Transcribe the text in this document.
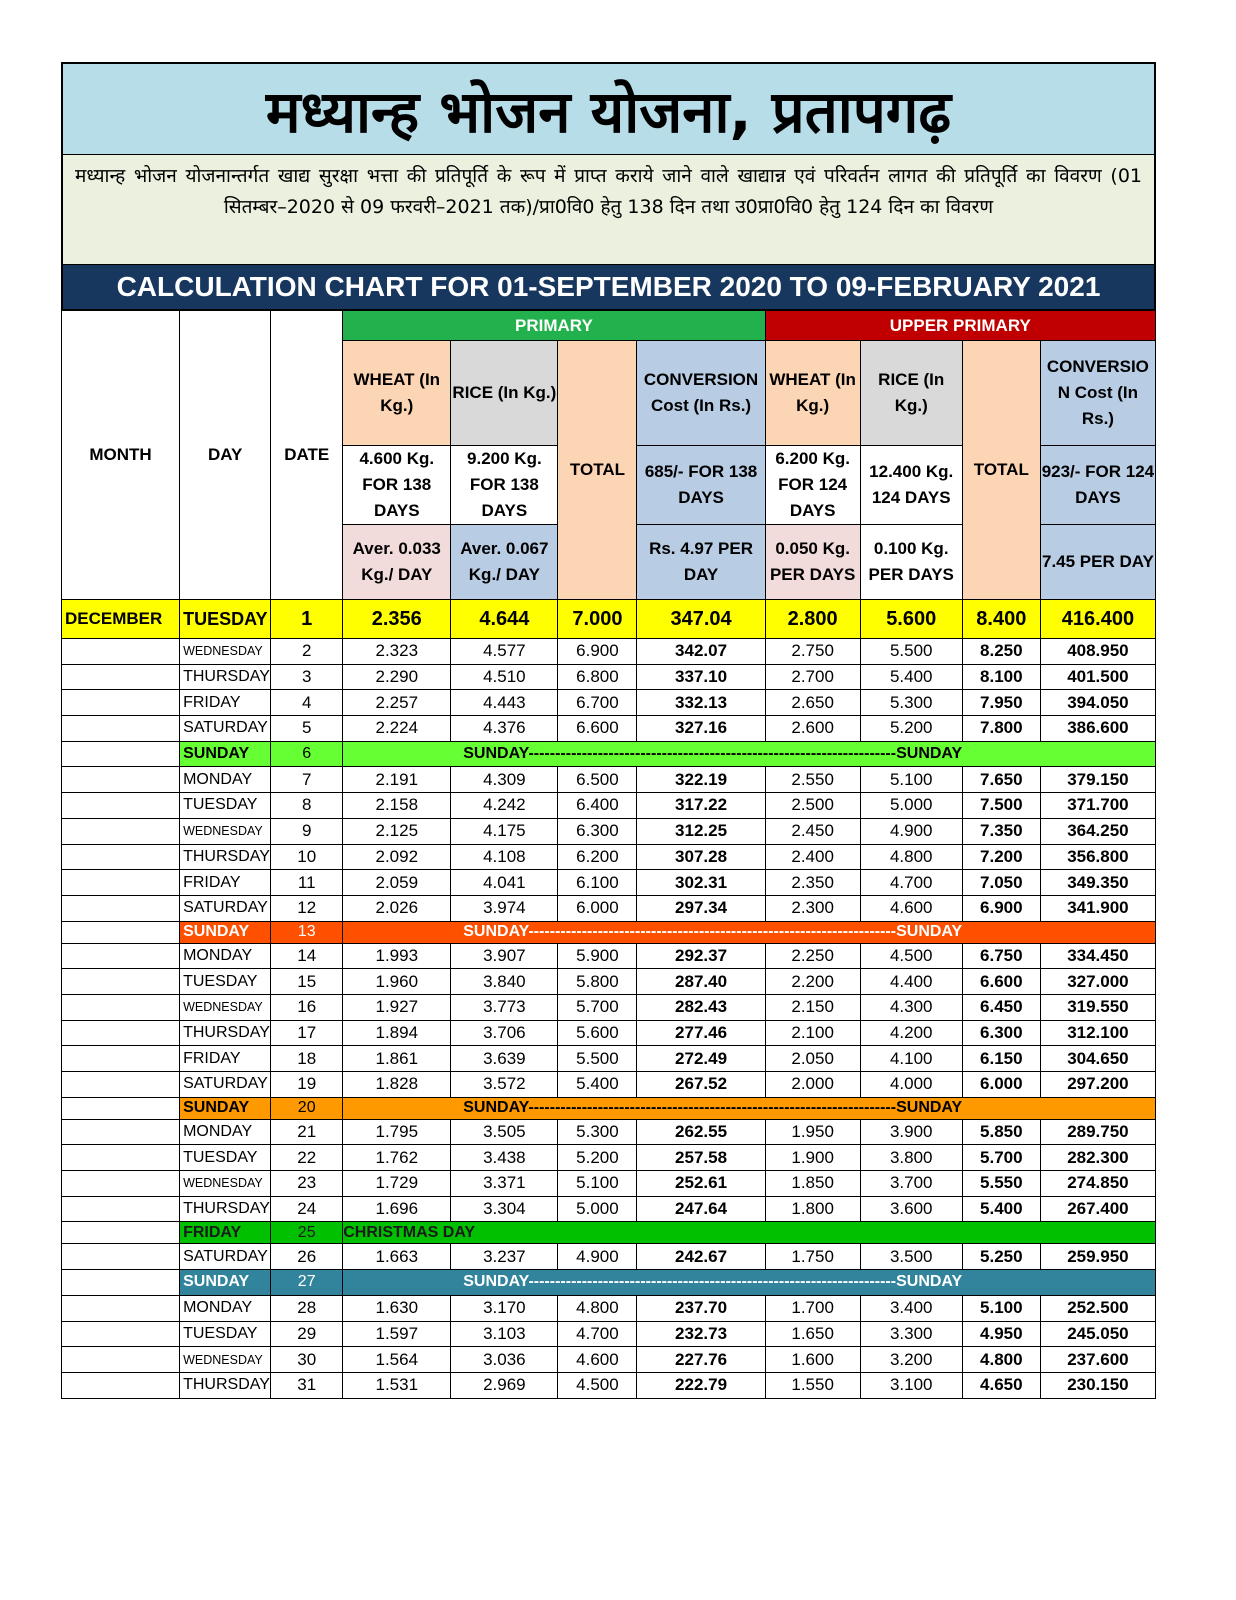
मध्यान्ह भोजन योजना, प्रतापगढ़
मध्यान्ह भोजन योजनान्तर्गत खाद्य सुरक्षा भत्ता की प्रतिपूर्ति के रूप में प्राप्त कराये जाने वाले खाद्यान्न एवं परिवर्तन लागत की प्रतिपूर्ति का विवरण (01 सितम्बर–2020 से 09 फरवरी–2021 तक)/प्रा0वि0 हेतु 138 दिन तथा उ0प्रा0वि0 हेतु 124 दिन का विवरण
CALCULATION CHART FOR 01-SEPTEMBER 2020 TO 09-FEBRUARY 2021
MONTH	DAY	DATE	PRIMARY				UPPER PRIMARY			
			WHEAT (In Kg.)	RICE (In Kg.)	TOTAL	CONVERSION Cost (In Rs.)	WHEAT (In Kg.)	RICE (In Kg.)	TOTAL	CONVERSIO N Cost (In Rs.)
			4.600 Kg. FOR 138 DAYS	9.200 Kg. FOR 138 DAYS		685/- FOR 138 DAYS	6.200 Kg. FOR 124 DAYS	12.400 Kg. 124 DAYS		923/- FOR 124 DAYS
			Aver. 0.033 Kg./ DAY	Aver. 0.067 Kg./ DAY		Rs. 4.97 PER DAY	0.050 Kg. PER DAYS	0.100 Kg. PER DAYS		7.45 PER DAY
DECEMBER	TUESDAY	1	2.356	4.644	7.000	347.04	2.800	5.600	8.400	416.400
	WEDNESDAY	2	2.323	4.577	6.900	342.07	2.750	5.500	8.250	408.950
	THURSDAY	3	2.290	4.510	6.800	337.10	2.700	5.400	8.100	401.500
	FRIDAY	4	2.257	4.443	6.700	332.13	2.650	5.300	7.950	394.050
	SATURDAY	5	2.224	4.376	6.600	327.16	2.600	5.200	7.800	386.600
	SUNDAY	6	SUNDAY---------------------------------------------------------------------SUNDAY							
	MONDAY	7	2.191	4.309	6.500	322.19	2.550	5.100	7.650	379.150
	TUESDAY	8	2.158	4.242	6.400	317.22	2.500	5.000	7.500	371.700
	WEDNESDAY	9	2.125	4.175	6.300	312.25	2.450	4.900	7.350	364.250
	THURSDAY	10	2.092	4.108	6.200	307.28	2.400	4.800	7.200	356.800
	FRIDAY	11	2.059	4.041	6.100	302.31	2.350	4.700	7.050	349.350
	SATURDAY	12	2.026	3.974	6.000	297.34	2.300	4.600	6.900	341.900
	SUNDAY	13	SUNDAY---------------------------------------------------------------------SUNDAY							
	MONDAY	14	1.993	3.907	5.900	292.37	2.250	4.500	6.750	334.450
	TUESDAY	15	1.960	3.840	5.800	287.40	2.200	4.400	6.600	327.000
	WEDNESDAY	16	1.927	3.773	5.700	282.43	2.150	4.300	6.450	319.550
	THURSDAY	17	1.894	3.706	5.600	277.46	2.100	4.200	6.300	312.100
	FRIDAY	18	1.861	3.639	5.500	272.49	2.050	4.100	6.150	304.650
	SATURDAY	19	1.828	3.572	5.400	267.52	2.000	4.000	6.000	297.200
	SUNDAY	20	SUNDAY---------------------------------------------------------------------SUNDAY							
	MONDAY	21	1.795	3.505	5.300	262.55	1.950	3.900	5.850	289.750
	TUESDAY	22	1.762	3.438	5.200	257.58	1.900	3.800	5.700	282.300
	WEDNESDAY	23	1.729	3.371	5.100	252.61	1.850	3.700	5.550	274.850
	THURSDAY	24	1.696	3.304	5.000	247.64	1.800	3.600	5.400	267.400
	FRIDAY	25	CHRISTMAS DAY							
	SATURDAY	26	1.663	3.237	4.900	242.67	1.750	3.500	5.250	259.950
	SUNDAY	27	SUNDAY---------------------------------------------------------------------SUNDAY							
	MONDAY	28	1.630	3.170	4.800	237.70	1.700	3.400	5.100	252.500
	TUESDAY	29	1.597	3.103	4.700	232.73	1.650	3.300	4.950	245.050
	WEDNESDAY	30	1.564	3.036	4.600	227.76	1.600	3.200	4.800	237.600
	THURSDAY	31	1.531	2.969	4.500	222.79	1.550	3.100	4.650	230.150
